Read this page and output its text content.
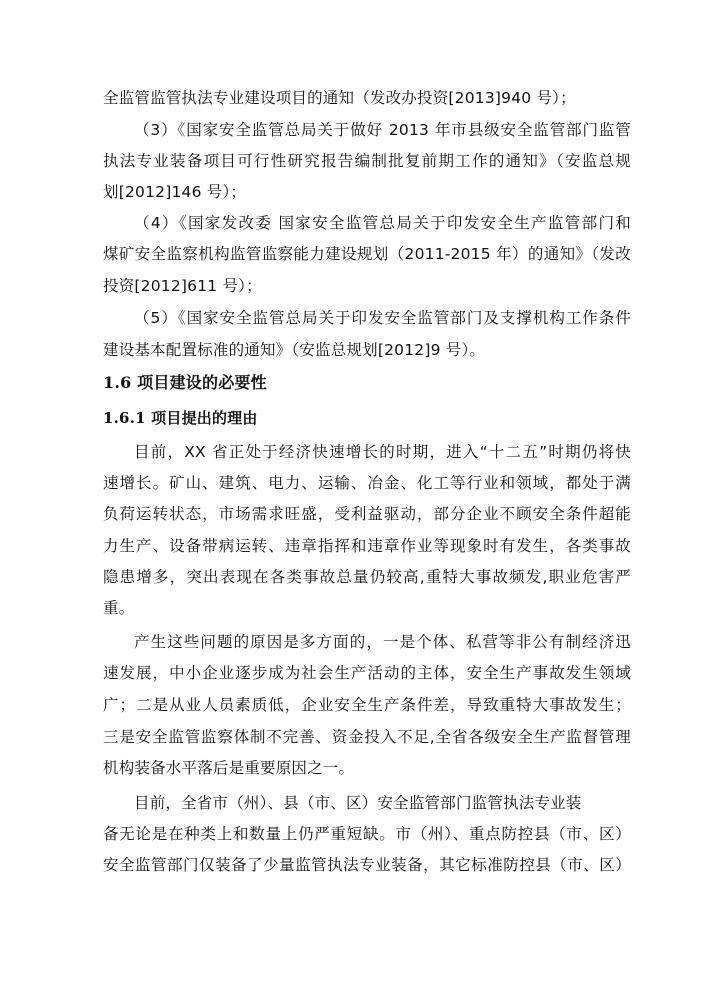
全监管监管执法专业建设项目的通知（发改办投资[2013]940 号）；
（3）《国家安全监管总局关于做好 2013 年市县级安全监管部门监管
执法专业装备项目可行性研究报告编制批复前期工作的通知》（安监总规
划[2012]146 号）；
（4）《国家发改委 国家安全监管总局关于印发安全生产监管部门和
煤矿安全监察机构监管监察能力建设规划（2011-2015 年）的通知》（发改
投资[2012]611 号）；
（5）《国家安全监管总局关于印发安全监管部门及支撑机构工作条件
建设基本配置标准的通知》（安监总规划[2012]9 号）。
1.6 项目建设的必要性
1.6.1 项目提出的理由
目前，XX 省正处于经济快速增长的时期，进入“十二五”时期仍将快
速增长。矿山、建筑、电力、运输、冶金、化工等行业和领域，都处于满
负荷运转状态，市场需求旺盛，受利益驱动，部分企业不顾安全条件超能
力生产、设备带病运转、违章指挥和违章作业等现象时有发生，各类事故
隐患增多，突出表现在各类事故总量仍较高,重特大事故频发,职业危害严
重。
产生这些问题的原因是多方面的，一是个体、私营等非公有制经济迅
速发展，中小企业逐步成为社会生产活动的主体，安全生产事故发生领域
广；二是从业人员素质低，企业安全生产条件差，导致重特大事故发生；
三是安全监管监察体制不完善、资金投入不足,全省各级安全生产监督管理
机构装备水平落后是重要原因之一。
目前，全省市（州）、县（市、区）安全监管部门监管执法专业装
备无论是在种类上和数量上仍严重短缺。市（州）、重点防控县（市、区）
安全监管部门仅装备了少量监管执法专业装备，其它标准防控县（市、区）
